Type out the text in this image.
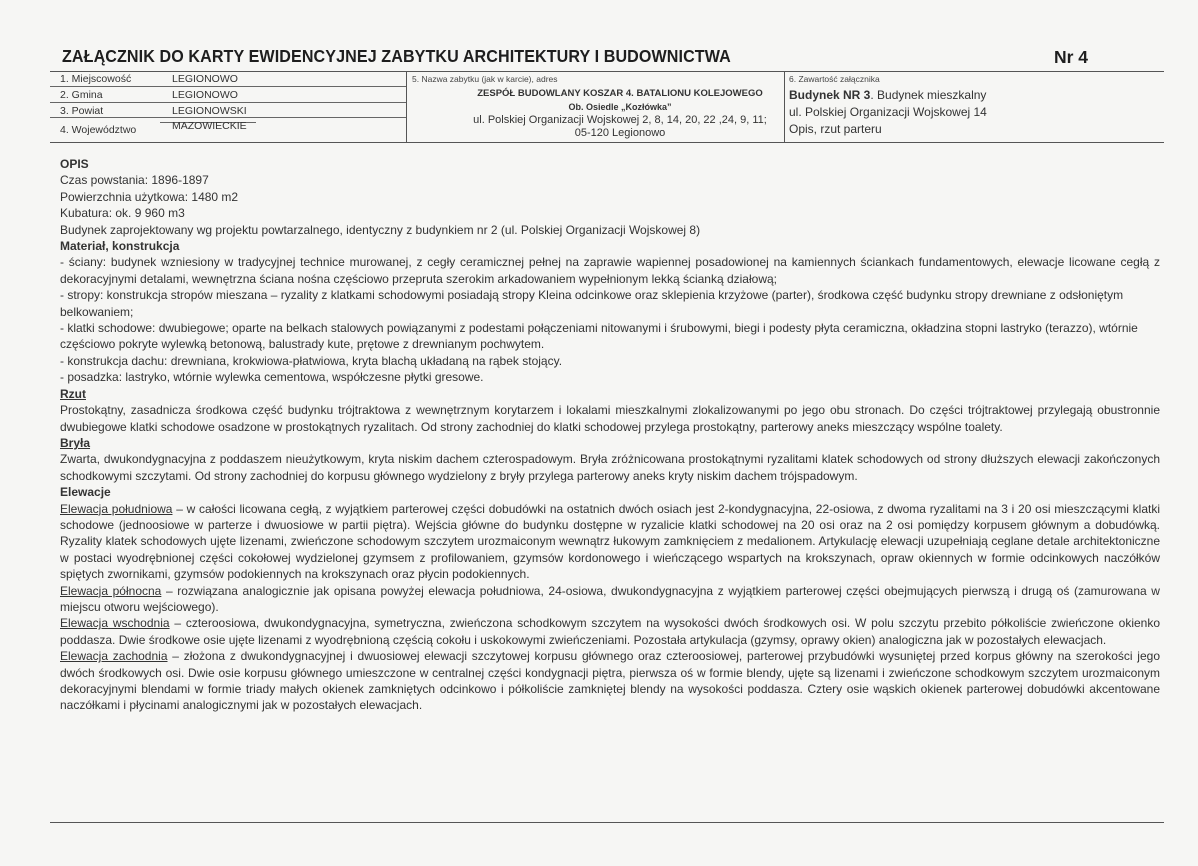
ZAŁĄCZNIK DO KARTY EWIDENCYJNEJ ZABYTKU ARCHITEKTURY I BUDOWNICTWA	Nr 4
1. Miejscowość	LEGIONOWO
2. Gmina	LEGIONOWO
3. Powiat	LEGIONOWSKI
4. Województwo	MAZOWIECKIE
5. Nazwa zabytku (jak w karcie), adres
ZESPÓŁ BUDOWLANY KOSZAR 4. BATALIONU KOLEJOWEGO
Ob. Osiedle „Kozłówka”
ul. Polskiej Organizacji Wojskowej 2, 8, 14, 20, 22 ,24, 9, 11;
05-120 Legionowo
6. Zawartość załącznika
Budynek NR 3. Budynek mieszkalny
ul. Polskiej Organizacji Wojskowej 14
Opis, rzut parteru

OPIS

Czas powstania: 1896-1897

Powierzchnia użytkowa: 1480 m2

Kubatura: ok. 9 960 m3

Budynek zaprojektowany wg projektu powtarzalnego, identyczny z budynkiem nr 2 (ul. Polskiej Organizacji Wojskowej 8)

Materiał, konstrukcja

- ściany: budynek wzniesiony w tradycyjnej technice murowanej, z cegły ceramicznej pełnej na zaprawie wapiennej posadowionej na kamiennych ściankach fundamentowych, elewacje licowane cegłą z dekoracyjnymi detalami, wewnętrzna ściana nośna częściowo przepruta szerokim arkadowaniem wypełnionym lekką ścianką działową;

- stropy: konstrukcja stropów mieszana – ryzality z klatkami schodowymi posiadają stropy Kleina odcinkowe oraz sklepienia krzyżowe (parter), środkowa część budynku stropy drewniane z odsłoniętym belkowaniem;

- klatki schodowe: dwubiegowe; oparte na belkach stalowych powiązanymi z podestami połączeniami nitowanymi i śrubowymi, biegi i podesty płyta ceramiczna, okładzina stopni lastryko (terazzo), wtórnie częściowo pokryte wylewką betonową, balustrady kute, prętowe z drewnianym pochwytem.

- konstrukcja dachu: drewniana, krokwiowa-płatwiowa, kryta blachą układaną na rąbek stojący.

- posadzka: lastryko, wtórnie wylewka cementowa, współczesne płytki gresowe.

Rzut

Prostokątny, zasadnicza środkowa część budynku trójtraktowa z wewnętrznym korytarzem i lokalami mieszkalnymi zlokalizowanymi po jego obu stronach. Do części trójtraktowej przylegają obustronnie dwubiegowe klatki schodowe osadzone w prostokątnych ryzalitach. Od strony zachodniej do klatki schodowej przylega prostokątny, parterowy aneks mieszczący wspólne toalety.

Bryła

Zwarta, dwukondygnacyjna z poddaszem nieużytkowym, kryta niskim dachem czterospadowym. Bryła zróżnicowana prostokątnymi ryzalitami klatek schodowych od strony dłuższych elewacji zakończonych schodkowymi szczytami. Od strony zachodniej do korpusu głównego wydzielony z bryły przylega parterowy aneks kryty niskim dachem trójspadowym.

Elewacje

Elewacja południowa – w całości licowana cegłą, z wyjątkiem parterowej części dobudówki na ostatnich dwóch osiach jest 2-kondygnacyjna, 22-osiowa, z dwoma ryzalitami na 3 i 20 osi mieszczącymi klatki schodowe (jednoosiowe w parterze i dwuosiowe w partii piętra). Wejścia główne do budynku dostępne w ryzalicie klatki schodowej na 20 osi oraz na 2 osi pomiędzy korpusem głównym a dobudówką. Ryzality klatek schodowych ujęte lizenami, zwieńczone schodowym szczytem urozmaiconym wewnątrz łukowym zamknięciem z medalionem. Artykulację elewacji uzupełniają ceglane detale architektoniczne w postaci wyodrębnionej części cokołowej wydzielonej gzymsem z profilowaniem, gzymsów kordonowego i wieńczącego wspartych na krokszynach, opraw okiennych w formie odcinkowych naczółków spiętych zwornikami, gzymsów podokiennych na krokszynach oraz płycin podokiennych.

Elewacja północna – rozwiązana analogicznie jak opisana powyżej elewacja południowa, 24-osiowa, dwukondygnacyjna z wyjątkiem parterowej części obejmujących pierwszą i drugą oś (zamurowana w miejscu otworu wejściowego).

Elewacja wschodnia – czteroosiowa, dwukondygnacyjna, symetryczna, zwieńczona schodkowym szczytem na wysokości dwóch środkowych osi. W polu szczytu przebito półkoliście zwieńczone okienko poddasza. Dwie środkowe osie ujęte lizenami z wyodrębnioną częścią cokołu i uskokowymi zwieńczeniami. Pozostała artykulacja (gzymsy, oprawy okien) analogiczna jak w pozostałych elewacjach.

Elewacja zachodnia – złożona z dwukondygnacyjnej i dwuosiowej elewacji szczytowej korpusu głównego oraz czteroosiowej, parterowej przybudówki wysuniętej przed korpus główny na szerokości jego dwóch środkowych osi. Dwie osie korpusu głównego umieszczone w centralnej części kondygnacji piętra, pierwsza oś w formie blendy, ujęte są lizenami i zwieńczone schodkowym szczytem urozmaiconym dekoracyjnymi blendami w formie triady małych okienek zamkniętych odcinkowo i półkoliście zamkniętej blendy na wysokości poddasza. Cztery osie wąskich okienek parterowej dobudówki akcentowane naczółkami i płycinami analogicznymi jak w pozostałych elewacjach.
